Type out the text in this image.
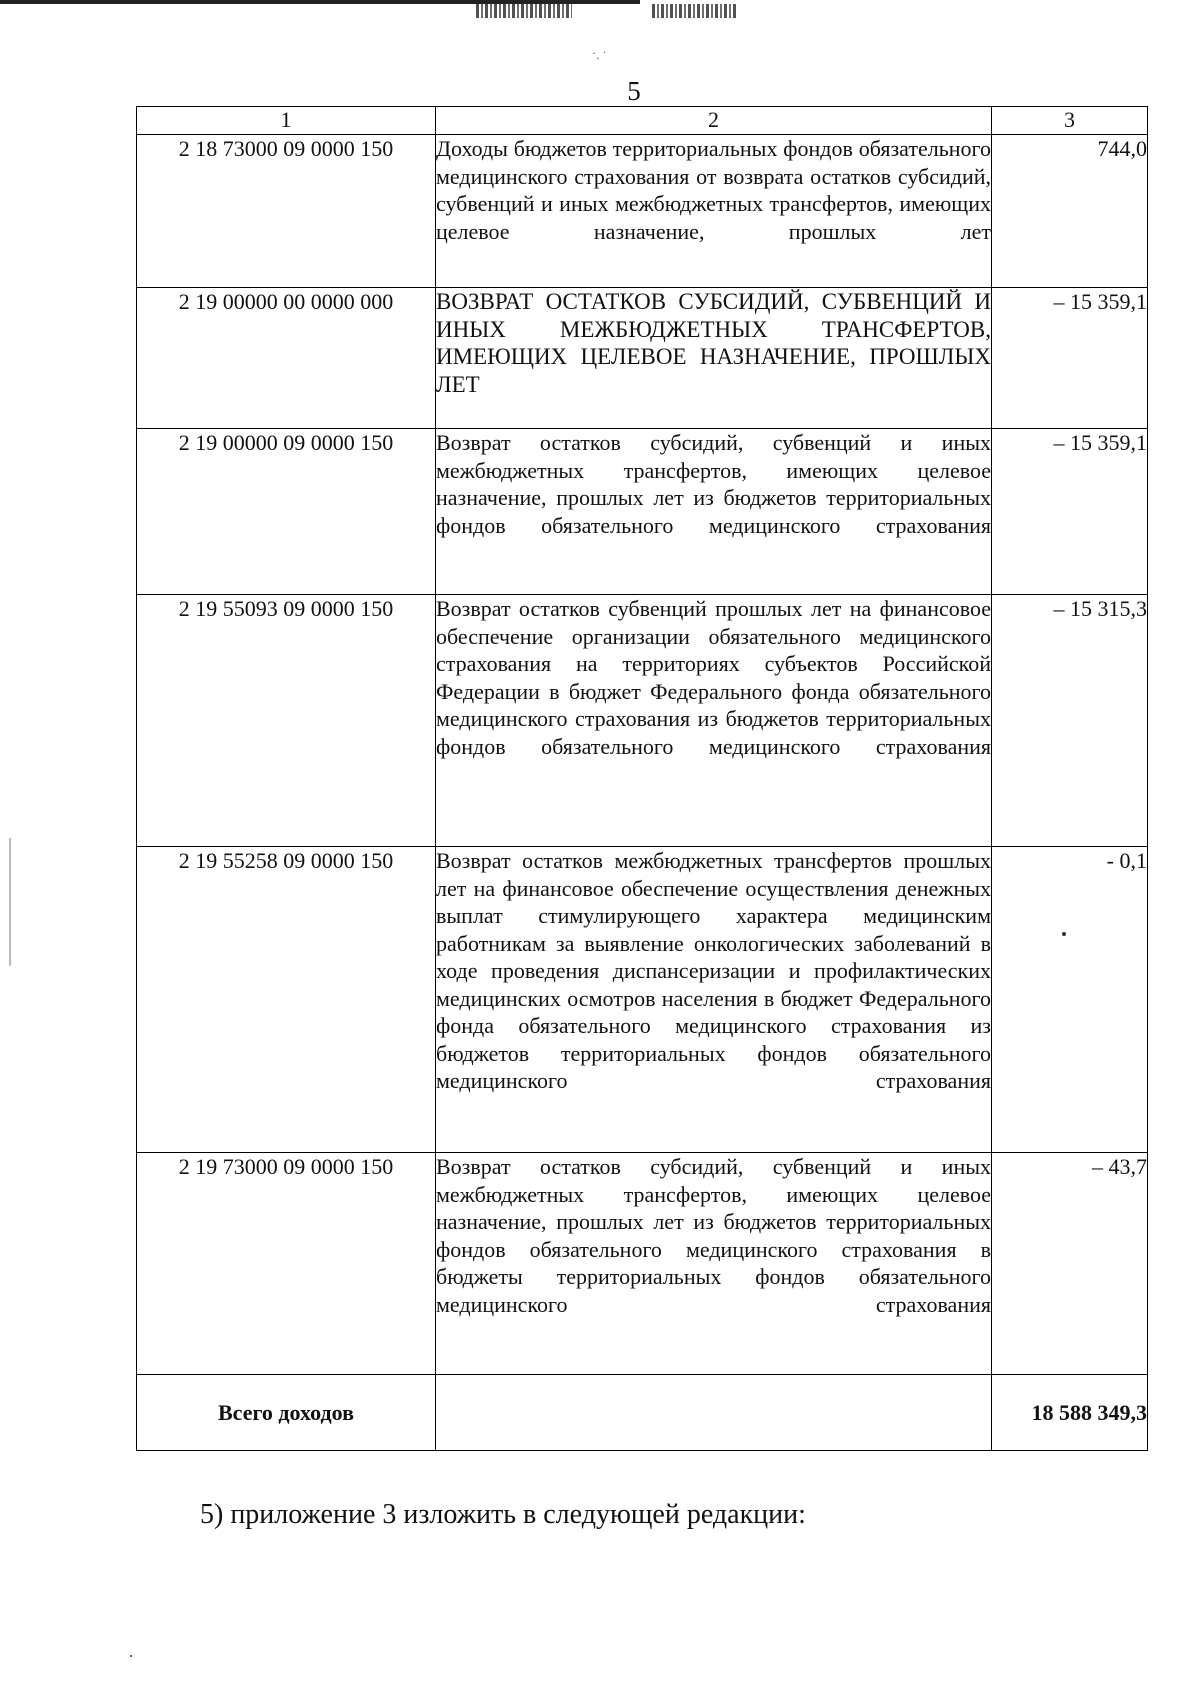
·ˏ ˑ
5
1	2	3
2 18 73000 09 0000 150	Доходы бюджетов территориальных фондов обязательного медицинского страхования от возврата остатков субсидий, субвенций и иных межбюджетных трансфертов, имеющих целевое назначение, прошлых лет	744,0
2 19 00000 00 0000 000	ВОЗВРАТ ОСТАТКОВ СУБСИДИЙ, СУБВЕНЦИЙ И ИНЫХ МЕЖБЮДЖЕТНЫХ ТРАНСФЕРТОВ, ИМЕЮЩИХ ЦЕЛЕВОЕ НАЗНАЧЕНИЕ, ПРОШЛЫХ ЛЕТ	– 15 359,1
2 19 00000 09 0000 150	Возврат остатков субсидий, субвенций и иных межбюджетных трансфертов, имеющих целевое назначение, прошлых лет из бюджетов территориальных фондов обязательного медицинского страхования	– 15 359,1
2 19 55093 09 0000 150	Возврат остатков субвенций прошлых лет на финансовое обеспечение организации обязательного медицинского страхования на территориях субъектов Российской Федерации в бюджет Федерального фонда обязательного медицинского страхования из бюджетов территориальных фондов обязательного медицинского страхования	– 15 315,3
2 19 55258 09 0000 150	Возврат остатков межбюджетных трансфертов прошлых лет на финансовое обеспечение осуществления денежных выплат стимулирующего характера медицинским работникам за выявление онкологических заболеваний в ходе проведения диспансеризации и профилактических медицинских осмотров населения в бюджет Федерального фонда обязательного медицинского страхования из бюджетов территориальных фондов обязательного медицинского страхования	- 0,1
2 19 73000 09 0000 150	Возврат остатков субсидий, субвенций и иных межбюджетных трансфертов, имеющих целевое назначение, прошлых лет из бюджетов территориальных фондов обязательного медицинского страхования в бюджеты территориальных фондов обязательного медицинского страхования	– 43,7
Всего доходов		18 588 349,3
5) приложение 3 изложить в следующей редакции:
